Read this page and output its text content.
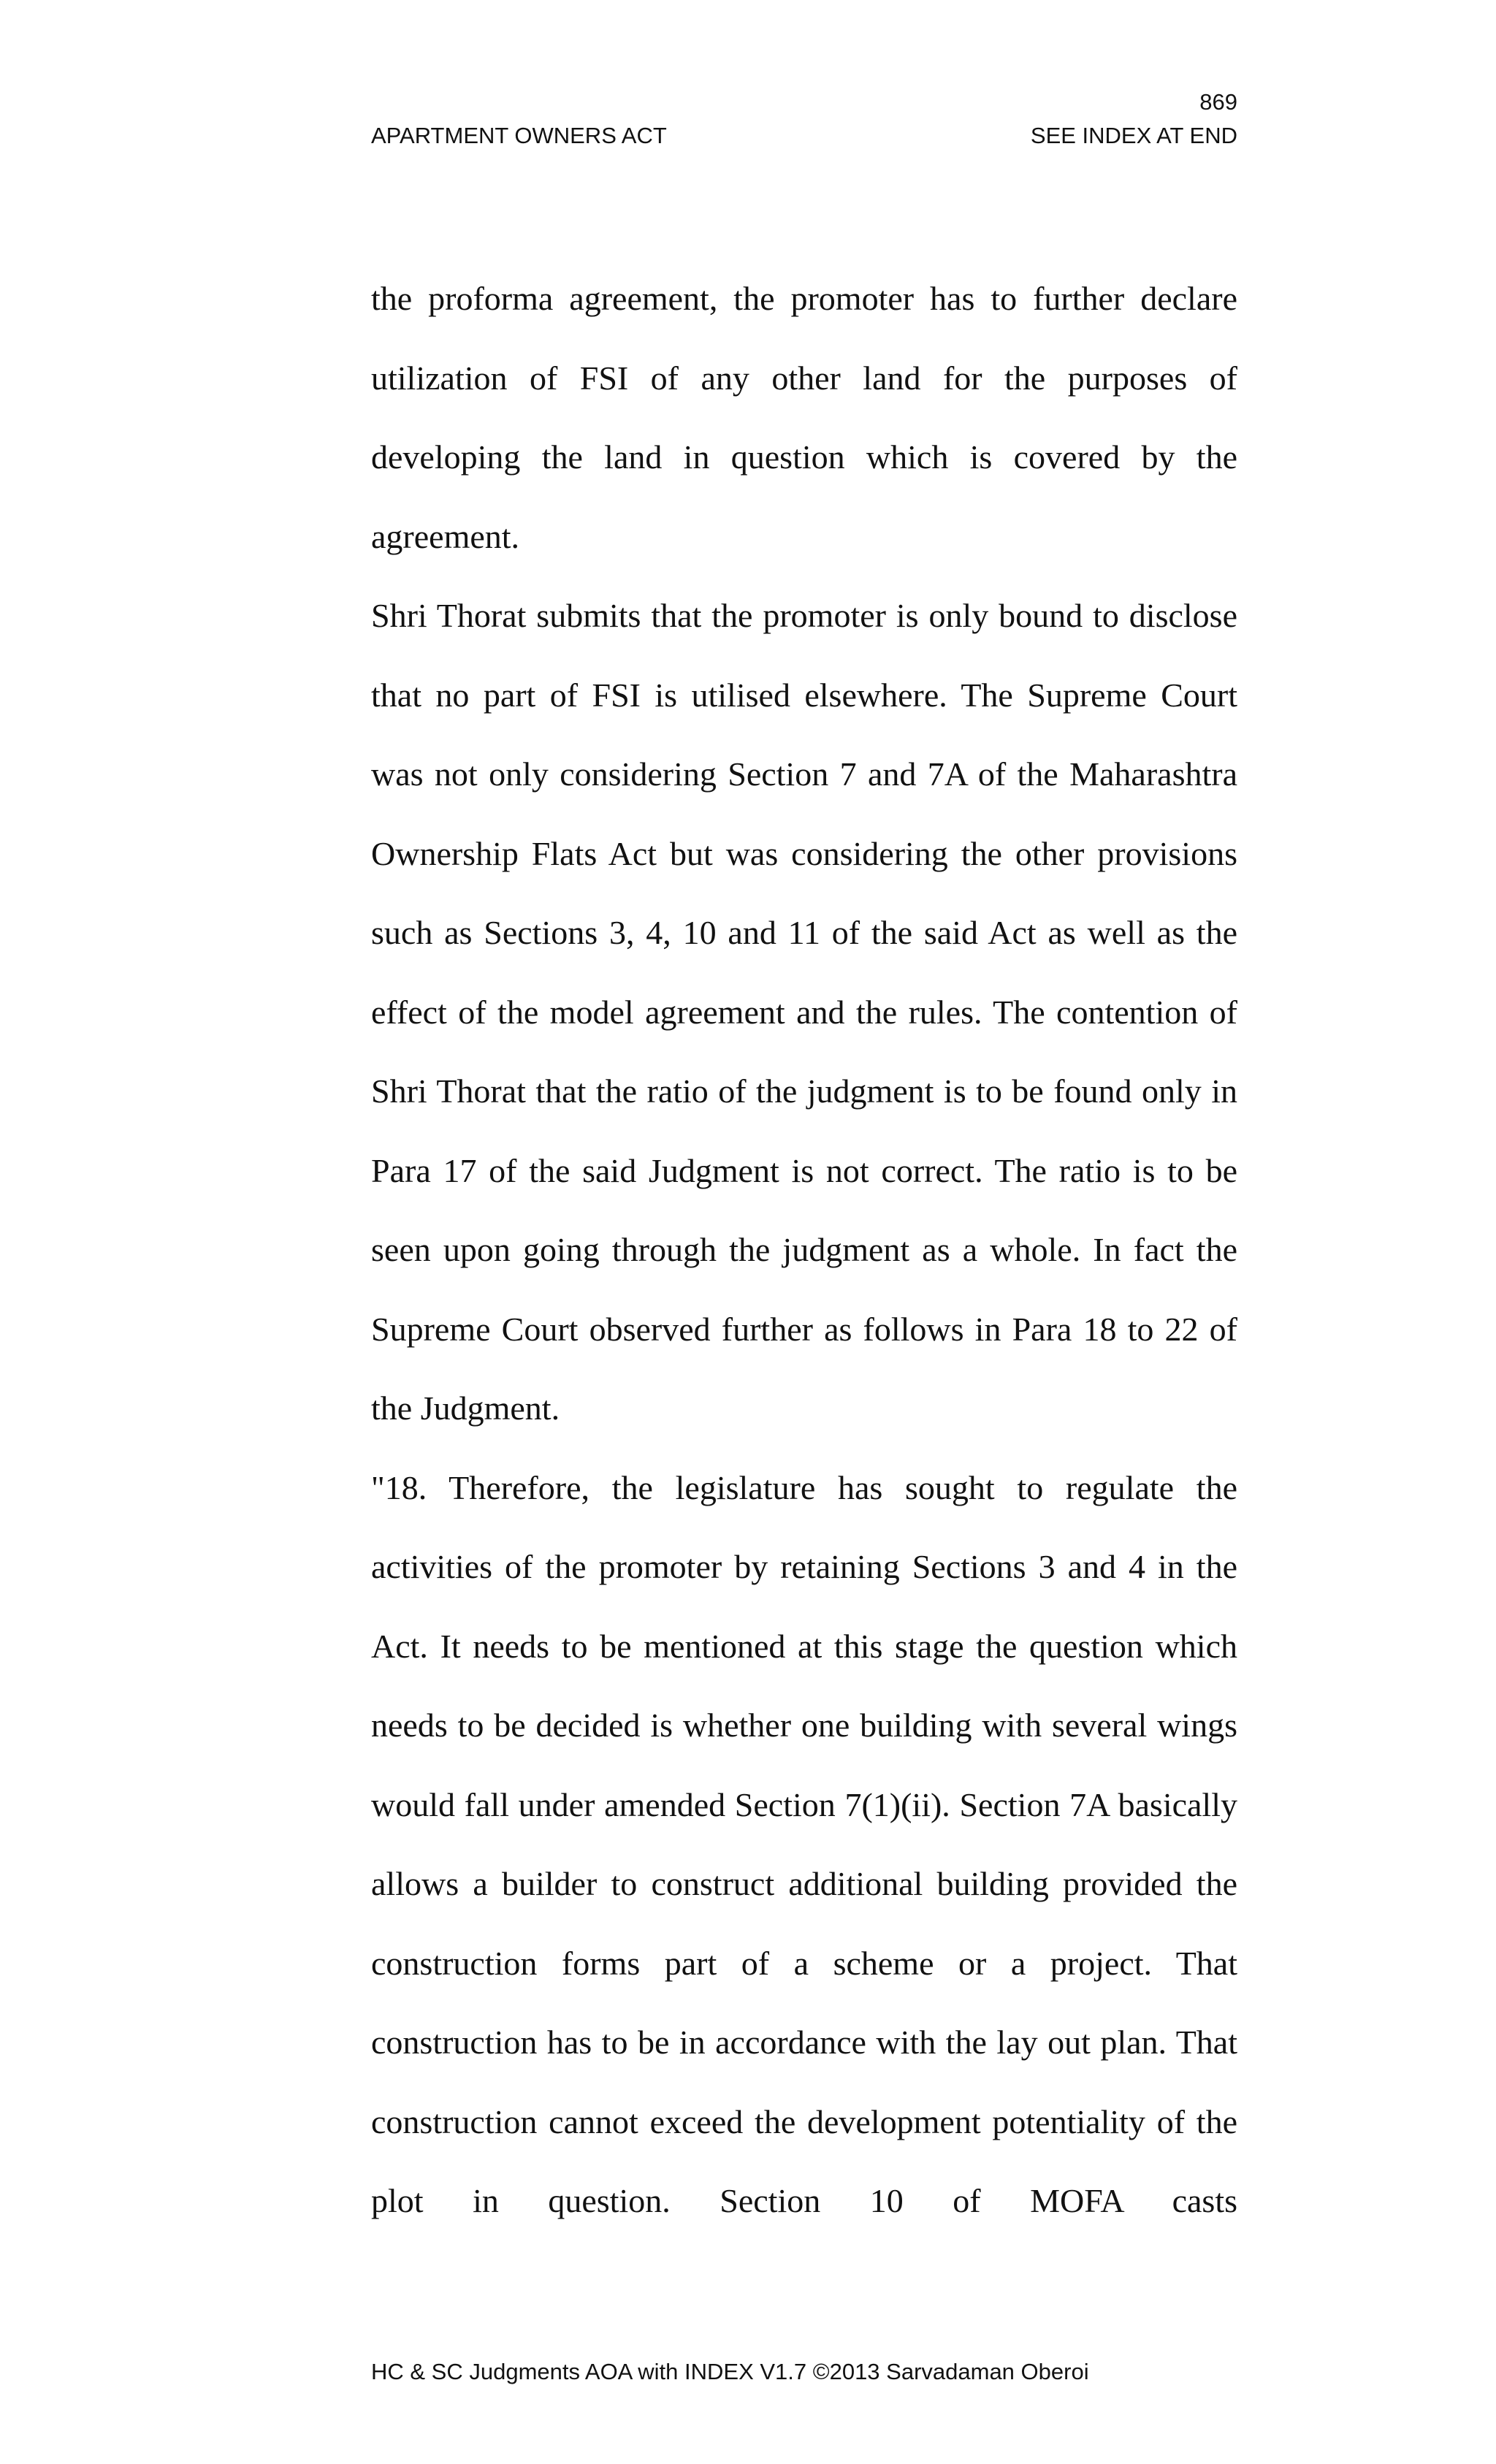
869
APARTMENT OWNERS ACT	SEE INDEX AT END

the proforma agreement, the promoter has to further declare utilization of FSI of any other land for the purposes of developing the land in question which is covered by the agreement.

Shri Thorat submits that the promoter is only bound to disclose that no part of FSI is utilised elsewhere. The Supreme Court was not only considering Section 7 and 7A of the Maharashtra Ownership Flats Act but was considering the other provisions such as Sections 3, 4, 10 and 11 of the said Act as well as the effect of the model agreement and the rules. The contention of Shri Thorat that the ratio of the judgment is to be found only in Para 17 of the said Judgment is not correct. The ratio is to be seen upon going through the judgment as a whole. In fact the Supreme Court observed further as follows in Para 18 to 22 of the Judgment.

"18. Therefore, the legislature has sought to regulate the activities of the promoter by retaining Sections 3 and 4 in the Act. It needs to be mentioned at this stage the question which needs to be decided is whether one building with several wings would fall under amended Section 7(1)(ii). Section 7A basically allows a builder to construct additional building provided the construction forms part of a scheme or a project. That construction has to be in accordance with the lay out plan. That construction cannot exceed the development potentiality of the plot in question. Section 10 of MOFA casts

HC & SC Judgments AOA with INDEX V1.7 ©2013 Sarvadaman Oberoi
